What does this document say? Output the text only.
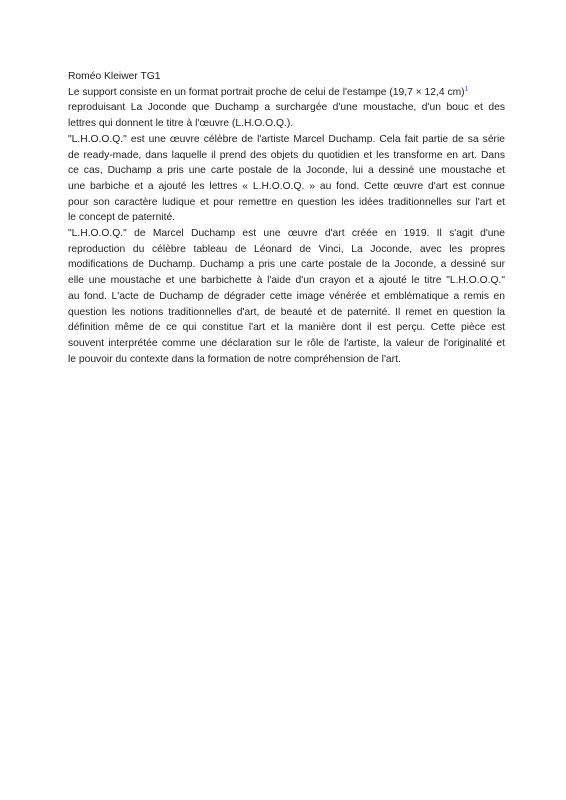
Roméo Kleiwer TG1
Le support consiste en un format portrait proche de celui de l'estampe (19,7 × 12,4 cm)$^1$
reproduisant La Joconde que Duchamp a surchargée d'une moustache, d'un bouc et des
lettres qui donnent le titre à l'œuvre (L.H.O.O.Q.).
"L.H.O.O.Q." est une œuvre célèbre de l'artiste Marcel Duchamp. Cela fait partie de sa série
de ready-made, dans laquelle il prend des objets du quotidien et les transforme en art. Dans
ce cas, Duchamp a pris une carte postale de la Joconde, lui a dessiné une moustache et
une barbiche et a ajouté les lettres « L.H.O.O.Q. » au fond. Cette œuvre d'art est connue
pour son caractère ludique et pour remettre en question les idées traditionnelles sur l'art et
le concept de paternité.
"L.H.O.O.Q." de Marcel Duchamp est une œuvre d'art créée en 1919. Il s'agit d'une
reproduction du célèbre tableau de Léonard de Vinci, La Joconde, avec les propres
modifications de Duchamp. Duchamp a pris une carte postale de la Joconde, a dessiné sur
elle une moustache et une barbichette à l'aide d'un crayon et a ajouté le titre "L.H.O.O.Q."
au fond. L'acte de Duchamp de dégrader cette image vénérée et emblématique a remis en
question les notions traditionnelles d'art, de beauté et de paternité. Il remet en question la
définition même de ce qui constitue l'art et la manière dont il est perçu. Cette pièce est
souvent interprétée comme une déclaration sur le rôle de l'artiste, la valeur de l'originalité et
le pouvoir du contexte dans la formation de notre compréhension de l'art.
